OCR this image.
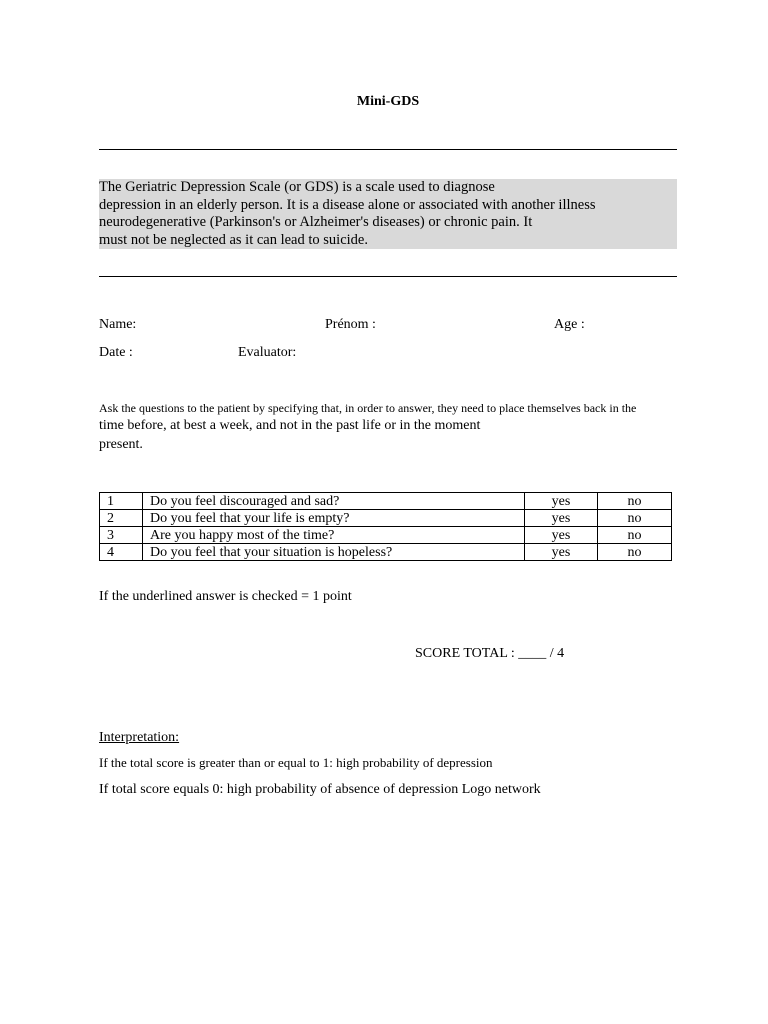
Mini-GDS
The Geriatric Depression Scale (or GDS) is a scale used to diagnose
depression in an elderly person. It is a disease alone or associated with another illness
neurodegenerative (Parkinson's or Alzheimer's diseases) or chronic pain. It
must not be neglected as it can lead to suicide.
Name:	Prénom :	Age :
Date :	Evaluator:
Ask the questions to the patient by specifying that, in order to answer, they need to place themselves back in the
time before, at best a week, and not in the past life or in the moment
present.
1	Do you feel discouraged and sad?	yes	no
2	Do you feel that your life is empty?	yes	no
3	Are you happy most of the time?	yes	no
4	Do you feel that your situation is hopeless?	yes	no
If the underlined answer is checked = 1 point
SCORE TOTAL : ____ / 4
Interpretation:
If the total score is greater than or equal to 1: high probability of depression
If total score equals 0: high probability of absence of depression Logo network
